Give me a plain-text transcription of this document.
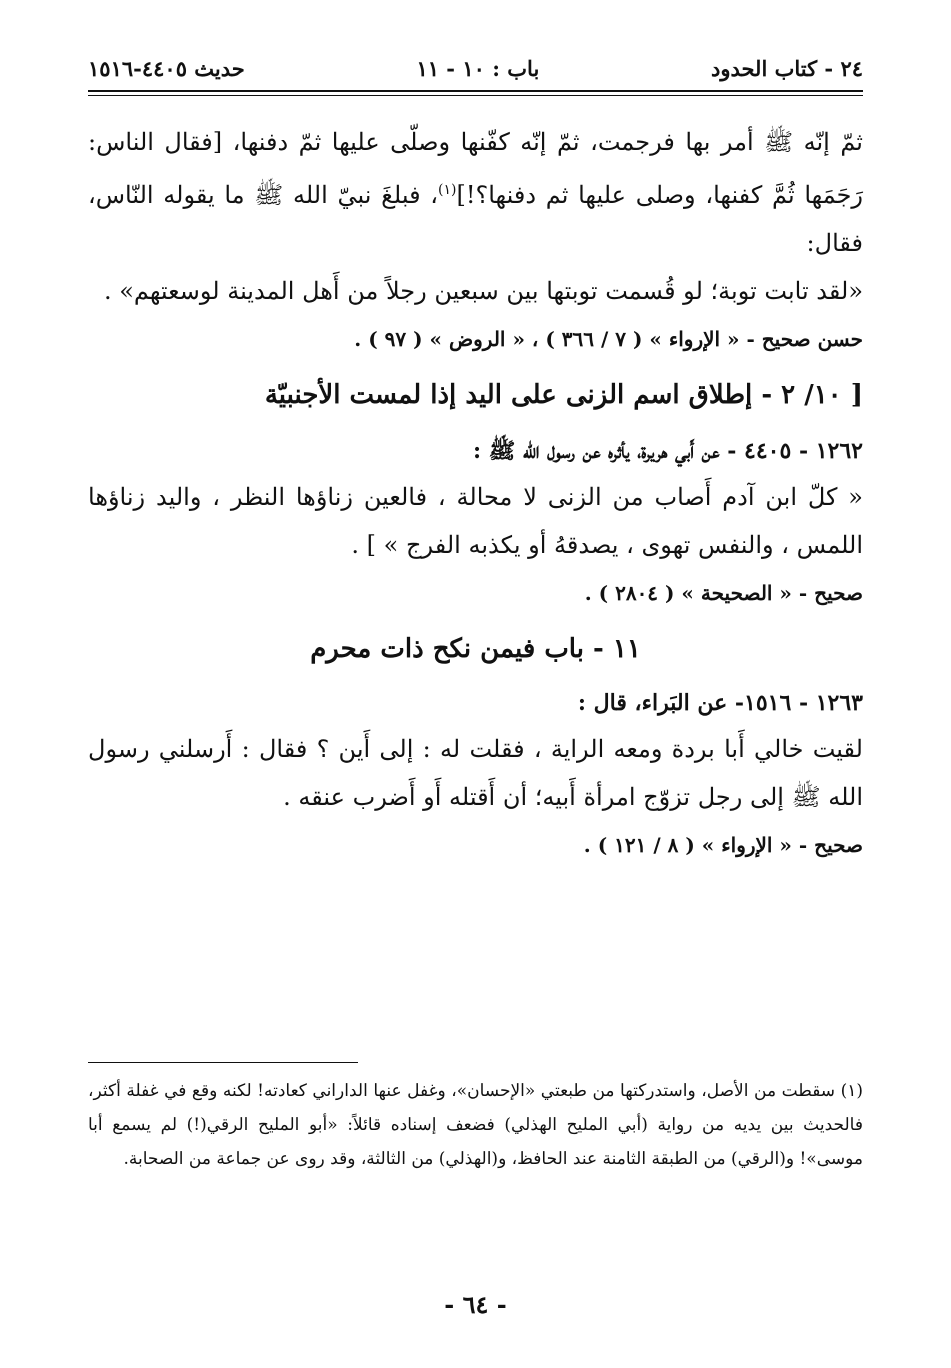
٢٤ - كتاب الحدود
باب : ١٠ - ١١
حديث ٤٤٠٥-١٥١٦

ثمّ إنّه ﷺ أمر بها فرجمت، ثمّ إنّه كفّنها وصلّى عليها ثمّ دفنها، [فقال الناس: رَجَمَها ثُمَّ كفنها، وصلى عليها ثم دفنها؟!]$^{(١)}$، فبلغَ نبيّ الله ﷺ ما يقوله النّاس، فقال:

«لقد تابت توبة؛ لو قُسمت توبتها بين سبعين رجلاً من أَهل المدينة لوسعتهم» .

حسن صحيح - « الإرواء » ( ٧ / ٣٦٦ ) ، « الروض » ( ٩٧ ) .

[ ١٠/ ٢ - إطلاق اسم الزنى على اليد إذا لمست الأجنبيّة

١٢٦٢ - ٤٤٠٥ - عن أَبي هريرة، يأثره عن رسول الله ﷺ :

« كلّ ابن آدم أَصاب من الزنى لا محالة ، فالعين زناؤها النظر ، واليد زناؤها اللمس ، والنفس تهوى ، يصدقهُ أو يكذبه الفرج » ] .

صحيح - « الصحيحة » ( ٢٨٠٤ ) .

١١ - باب فيمن نكح ذات محرم

١٢٦٣ - ١٥١٦- عن البَراء، قال :

لقيت خالي أَبا بردة ومعه الراية ، فقلت له : إلى أَين ؟ فقال : أَرسلني رسول الله ﷺ إلى رجل تزوّج امرأة أَبيه؛ أن أَقتله أَو أَضرب عنقه .

صحيح - « الإرواء » ( ٨ / ١٢١ ) .

(١) سقطت من الأصل، واستدركتها من طبعتي «الإحسان»، وغفل عنها الداراني كعادته! لكنه وقع في غفلة أكثر، فالحديث بين يديه من رواية (أبي المليح الهذلي) فضعف إسناده قائلاً: «أبو المليح الرقي(!) لم يسمع أبا موسى»! و(الرقي) من الطبقة الثامنة عند الحافظ، و(الهذلي) من الثالثة، وقد روى عن جماعة من الصحابة.
- ٦٤ -
